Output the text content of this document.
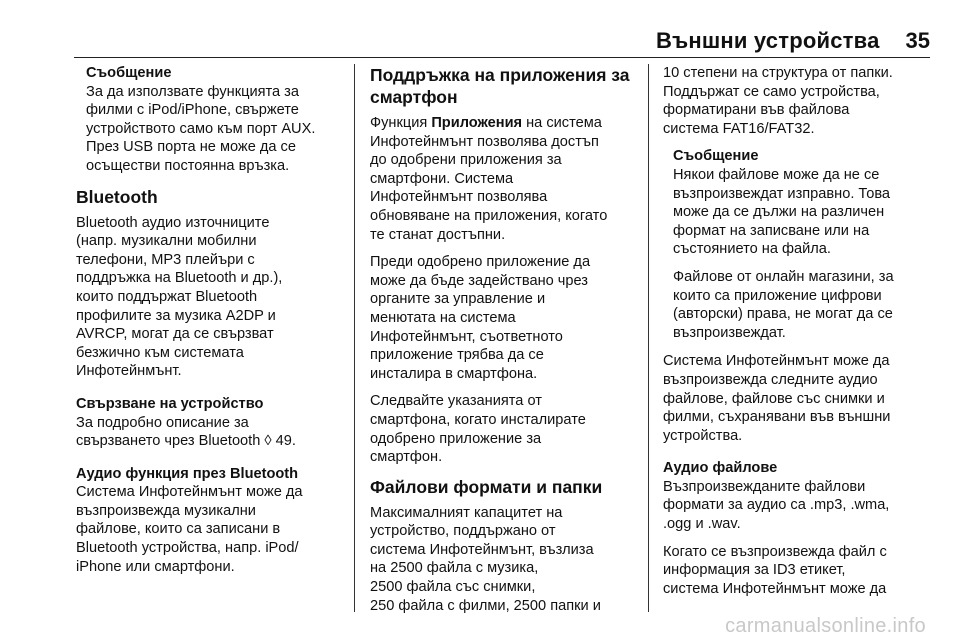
Външни устройства 35
Съобщение
За да използвате функцията за
филми с iPod/iPhone, свържете
устройството само към порт AUX.
През USB порта не може да се
осъществи постоянна връзка.
Bluetooth

Bluetooth аудио източниците
(напр. музикални мобилни
телефони, MP3 плейъри с
поддръжка на Bluetooth и др.),
които поддържат Bluetooth
профилите за музика A2DP и
AVRCP, могат да се свързват
безжично към системата
Инфотейнмънт.

Свързване на устройство

За подробно описание за
свързването чрез Bluetooth ◊ 49.

Аудио функция през Bluetooth

Система Инфотейнмънт може да
възпроизвежда музикални
файлове, които са записани в
Bluetooth устройства, напр. iPod/
iPhone или смартфони.

Поддръжка на приложения за
смартфон

Функция Приложения на система
Инфотейнмънт позволява достъп
до одобрени приложения за
смартфони. Система
Инфотейнмънт позволява
обновяване на приложения, когато
те станат достъпни.

Преди одобрено приложение да
може да бъде задействано чрез
органите за управление и
менютата на система
Инфотейнмънт, съответното
приложение трябва да се
инсталира в смартфона.

Следвайте указанията от
смартфона, когато инсталирате
одобрено приложение за
смартфон.

Файлови формати и папки

Максималният капацитет на
устройство, поддържано от
система Инфотейнмънт, възлиза
на 2500 файла с музика,
2500 файла със снимки,
250 файла с филми, 2500 папки и

10 степени на структура от папки.
Поддържат се само устройства,
форматирани във файлова
система FAT16/FAT32.

Съобщение
Някои файлове може да не се
възпроизвеждат изправно. Това
може да се дължи на различен
формат на записване или на
състоянието на файла.
Файлове от онлайн магазини, за
които са приложение цифрови
(авторски) права, не могат да се
възпроизвеждат.

Система Инфотейнмънт може да
възпроизвежда следните аудио
файлове, файлове със снимки и
филми, съхранявани във външни
устройства.

Аудио файлове

Възпроизвежданите файлови
формати за аудио са .mp3, .wma,
.ogg и .wav.

Когато се възпроизвежда файл с
информация за ID3 етикет,
система Инфотейнмънт може да

carmanualsonline.info
